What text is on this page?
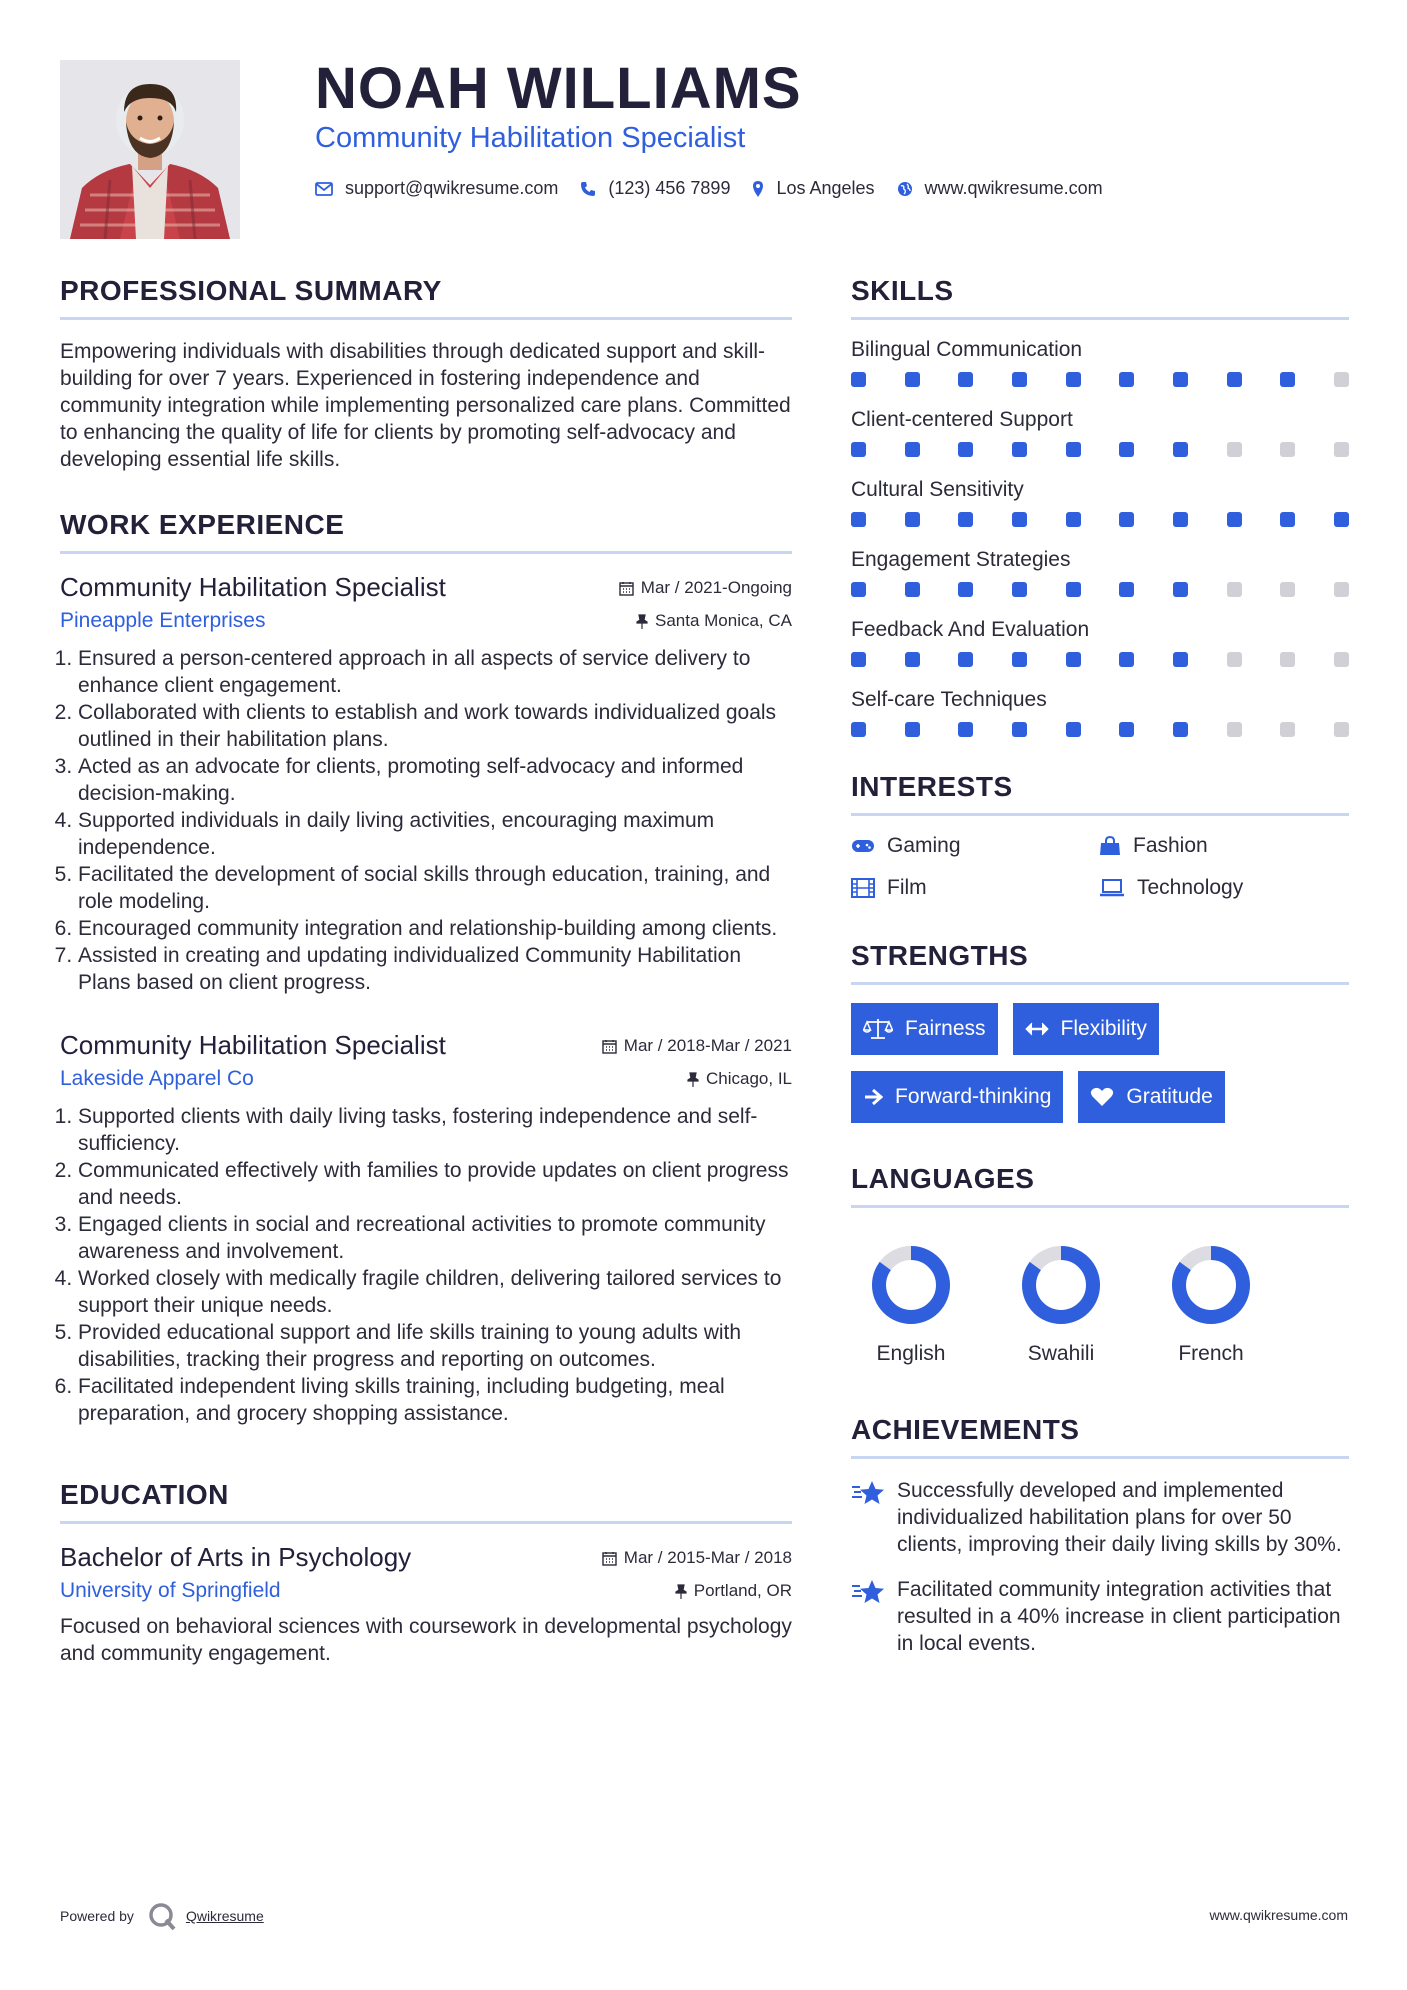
NOAH WILLIAMS
Community Habilitation Specialist
support@qwikresume.com	(123) 456 7899	Los Angeles	www.qwikresume.com
PROFESSIONAL SUMMARY

Empowering individuals with disabilities through dedicated support and skill-building for over 7 years. Experienced in fostering independence and community integration while implementing personalized care plans. Committed to enhancing the quality of life for clients by promoting self-advocacy and developing essential life skills.

WORK EXPERIENCE
Community Habilitation Specialist	Mar / 2021-Ongoing
Pineapple Enterprises	Santa Monica, CA
1. Ensured a person-centered approach in all aspects of service delivery to enhance client engagement.
2. Collaborated with clients to establish and work towards individualized goals outlined in their habilitation plans.
3. Acted as an advocate for clients, promoting self-advocacy and informed decision-making.
4. Supported individuals in daily living activities, encouraging maximum independence.
5. Facilitated the development of social skills through education, training, and role modeling.
6. Encouraged community integration and relationship-building among clients.
7. Assisted in creating and updating individualized Community Habilitation Plans based on client progress.
Community Habilitation Specialist	Mar / 2018-Mar / 2021
Lakeside Apparel Co	Chicago, IL
1. Supported clients with daily living tasks, fostering independence and self-sufficiency.
2. Communicated effectively with families to provide updates on client progress and needs.
3. Engaged clients in social and recreational activities to promote community awareness and involvement.
4. Worked closely with medically fragile children, delivering tailored services to support their unique needs.
5. Provided educational support and life skills training to young adults with disabilities, tracking their progress and reporting on outcomes.
6. Facilitated independent living skills training, including budgeting, meal preparation, and grocery shopping assistance.
EDUCATION
Bachelor of Arts in Psychology	Mar / 2015-Mar / 2018
University of Springfield	Portland, OR

Focused on behavioral sciences with coursework in developmental psychology and community engagement.

SKILLS
Bilingual Communication
Client-centered Support
Cultural Sensitivity
Engagement Strategies
Feedback And Evaluation
Self-care Techniques
INTERESTS
Gaming	Fashion
Film	Technology
STRENGTHS
Fairness	Flexibility
Forward-thinking	Gratitude
LANGUAGES
English	Swahili	French
ACHIEVEMENTS
Successfully developed and implemented individualized habilitation plans for over 50 clients, improving their daily living skills by 30%.
Facilitated community integration activities that resulted in a 40% increase in client participation in local events.
Powered by	Qwikresume	www.qwikresume.com
